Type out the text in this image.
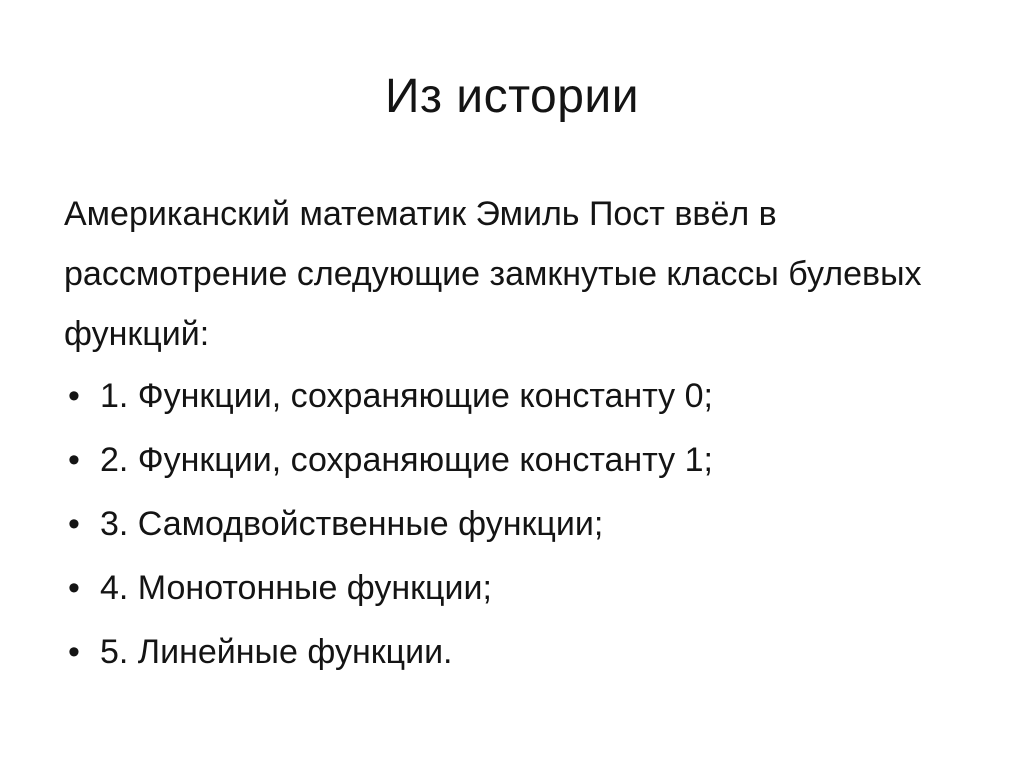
Из истории

Американский математик Эмиль Пост ввёл в рассмотрение следующие замкнутые классы булевых функций:

• 1. Функции, сохраняющие константу 0;
• 2. Функции, сохраняющие константу 1;
• 3. Самодвойственные функции;
• 4. Монотонные функции;
• 5. Линейные функции.
